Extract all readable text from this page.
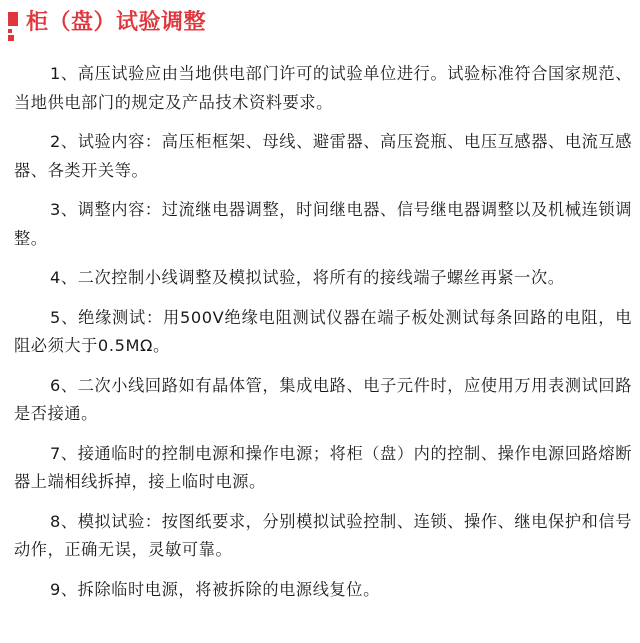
柜（盘）试验调整

1、高压试验应由当地供电部门许可的试验单位进行。试验标准符合国家规范、当地供电部门的规定及产品技术资料要求。

2、试验内容：高压柜框架、母线、避雷器、高压瓷瓶、电压互感器、电流互感器、各类开关等。

3、调整内容：过流继电器调整，时间继电器、信号继电器调整以及机械连锁调整。

4、二次控制小线调整及模拟试验，将所有的接线端子螺丝再紧一次。

5、绝缘测试：用500V绝缘电阻测试仪器在端子板处测试每条回路的电阻，电阻必须大于0.5MΩ。

6、二次小线回路如有晶体管，集成电路、电子元件时，应使用万用表测试回路是否接通。

7、接通临时的控制电源和操作电源；将柜（盘）内的控制、操作电源回路熔断器上端相线拆掉，接上临时电源。

8、模拟试验：按图纸要求，分别模拟试验控制、连锁、操作、继电保护和信号动作，正确无误，灵敏可靠。

9、拆除临时电源，将被拆除的电源线复位。
